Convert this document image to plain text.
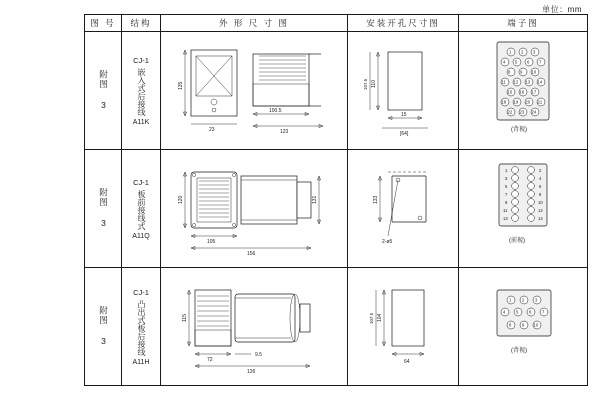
单位：mm
图 号	结构	外 形 尺 寸 图	安装开孔尺寸图	端子图

附图 3

CJ-1
嵌入式后接线
A11K

135
23
100.5
123

110
107.5
15
[64]

1 2 3
4 5 6 7
8 9 10
11 12 13 14
15 16 17
18 19 20 21
22 23 24
(背视)

附图 3

CJ-1
板前接线式
A11Q

120	131
105
156

133
2-ø5

1	2
3	4
5	6
7	8
9	10
11	12
13	14
(前视)

附图 3

CJ-1
凸出式板后接线
A11H

115
72
9.5
126

104
107.5
64

1	2	3
4	5	6	7
8	9 10
(背视)
